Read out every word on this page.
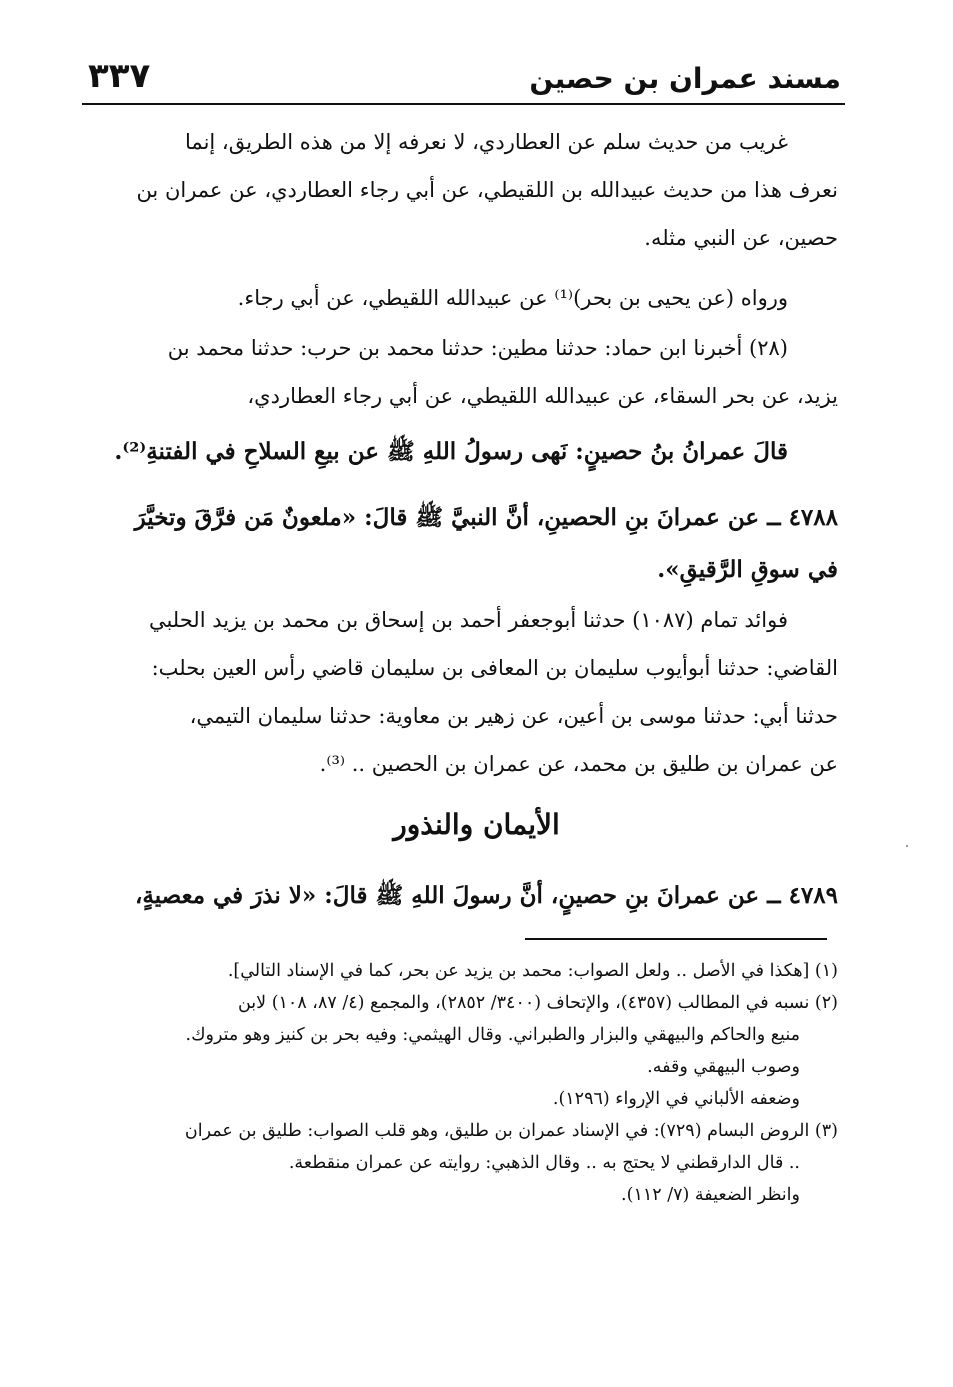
٣٣٧	مسند عمران بن حصين
غريب من حديث سلم عن العطاردي، لا نعرفه إلا من هذه الطريق، إنما
نعرف هذا من حديث عبيدالله بن اللقيطي، عن أبي رجاء العطاردي، عن عمران بن
حصين، عن النبي مثله.
ورواه (عن يحيى بن بحر)⁽¹⁾ عن عبيدالله اللقيطي، عن أبي رجاء.
(٢٨) أخبرنا ابن حماد: حدثنا مطين: حدثنا محمد بن حرب: حدثنا محمد بن
يزيد، عن بحر السقاء، عن عبيدالله اللقيطي، عن أبي رجاء العطاردي،
قالَ عمرانُ بنُ حصينٍ: نَهى رسولُ اللهِ ﷺ عن بيعِ السلاحِ في الفتنةِ⁽²⁾.
٤٧٨٨ ــ عن عمرانَ بنِ الحصينِ، أنَّ النبيَّ ﷺ قالَ: «ملعونٌ مَن فرَّقَ وتخيَّرَ
في سوقِ الرَّقيقِ».
فوائد تمام (١٠٨٧) حدثنا أبوجعفر أحمد بن إسحاق بن محمد بن يزيد الحلبي
القاضي: حدثنا أبوأيوب سليمان بن المعافى بن سليمان قاضي رأس العين بحلب:
حدثنا أبي: حدثنا موسى بن أعين، عن زهير بن معاوية: حدثنا سليمان التيمي،
عن عمران بن طليق بن محمد، عن عمران بن الحصين .. ⁽³⁾.
الأيمان والنذور
٤٧٨٩ ــ عن عمرانَ بنِ حصينٍ، أنَّ رسولَ اللهِ ﷺ قالَ: «لا نذرَ في معصيةٍ،
(١) [هكذا في الأصل .. ولعل الصواب: محمد بن يزيد عن بحر، كما في الإسناد التالي].
(٢) نسبه في المطالب (٤٣٥٧)، والإتحاف (٣٤٠٠/ ٢٨٥٢)، والمجمع (٤/ ٨٧، ١٠٨) لابن
منيع والحاكم والبيهقي والبزار والطبراني. وقال الهيثمي: وفيه بحر بن كنيز وهو متروك.
وصوب البيهقي وقفه.
وضعفه الألباني في الإرواء (١٢٩٦).
(٣) الروض البسام (٧٢٩): في الإسناد عمران بن طليق، وهو قلب الصواب: طليق بن عمران
.. قال الدارقطني لا يحتج به .. وقال الذهبي: روايته عن عمران منقطعة.
وانظر الضعيفة (٧/ ١١٢).
